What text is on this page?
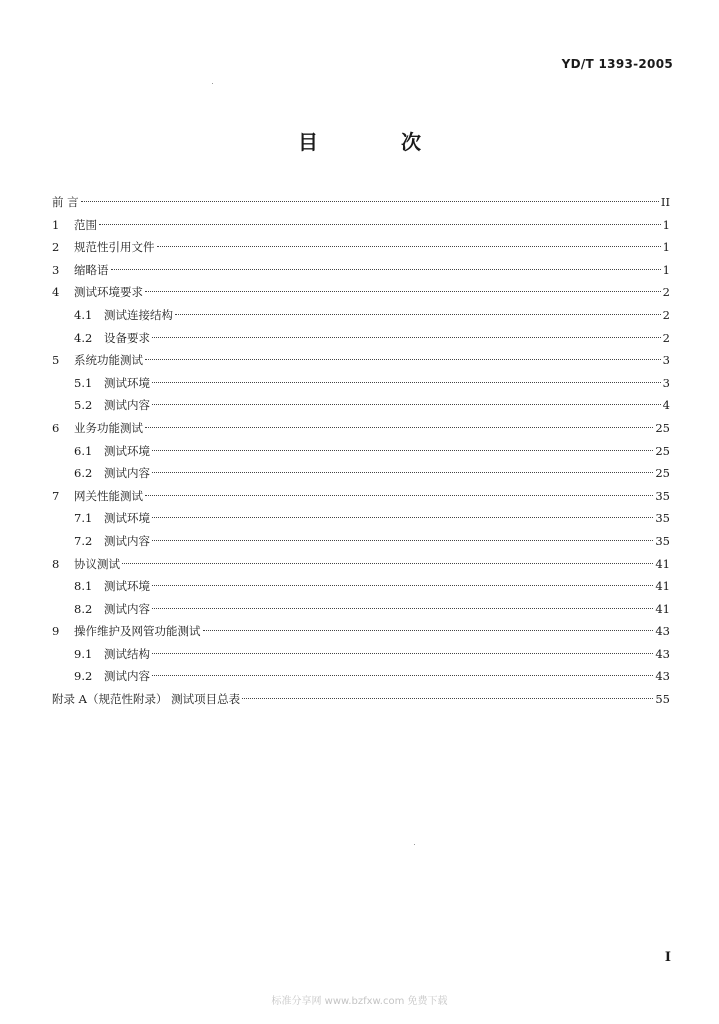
YD/T 1393-2005
目 次
前 言	II
1	范围	1
2	规范性引用文件	1
3	缩略语	1
4	测试环境要求	2
4.1	测试连接结构	2
4.2	设备要求	2
5	系统功能测试	3
5.1	测试环境	3
5.2	测试内容	4
6	业务功能测试	25
6.1	测试环境	25
6.2	测试内容	25
7	网关性能测试	35
7.1	测试环境	35
7.2	测试内容	35
8	协议测试	41
8.1	测试环境	41
8.2	测试内容	41
9	操作维护及网管功能测试	43
9.1	测试结构	43
9.2	测试内容	43
附录 A（规范性附录） 测试项目总表	55
I
标准分享网 www.bzfxw.com 免费下载
